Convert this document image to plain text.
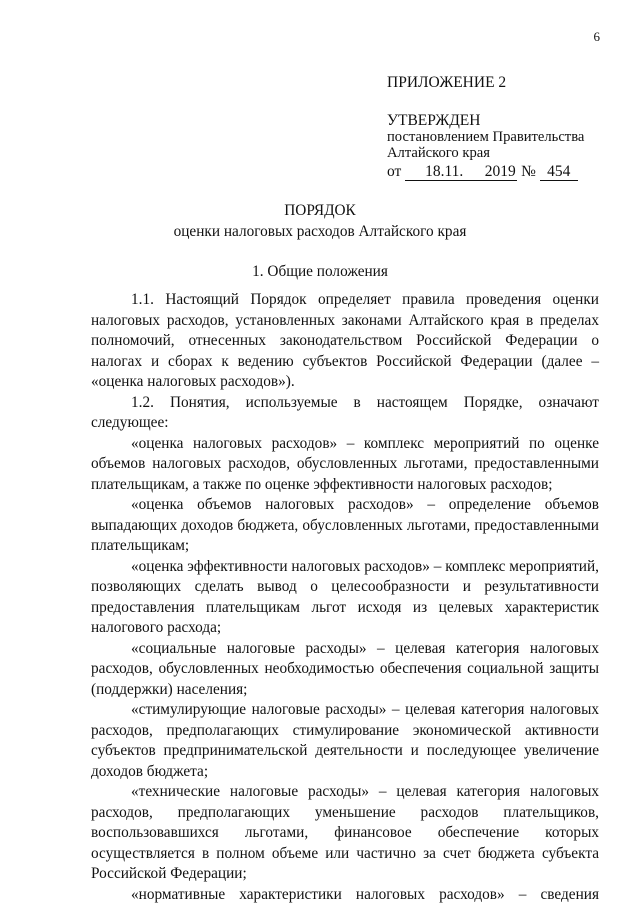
6
ПРИЛОЖЕНИЕ 2
УТВЕРЖДЕН
постановлением Правительства
Алтайского края
от 18.11. 2019 № 454
ПОРЯДОК
оценки налоговых расходов Алтайского края
1. Общие положения

1.1. Настоящий Порядок определяет правила проведения оценки налоговых расходов, установленных законами Алтайского края в пределах полномочий, отнесенных законодательством Российской Федерации о налогах и сборах к ведению субъектов Российской Федерации (далее – «оценка налоговых расходов»).

1.2. Понятия, используемые в настоящем Порядке, означают следующее:

«оценка налоговых расходов» – комплекс мероприятий по оценке объемов налоговых расходов, обусловленных льготами, предоставленными плательщикам, а также по оценке эффективности налоговых расходов;

«оценка объемов налоговых расходов» – определение объемов выпадающих доходов бюджета, обусловленных льготами, предоставленными плательщикам;

«оценка эффективности налоговых расходов» – комплекс мероприятий, позволяющих сделать вывод о целесообразности и результативности предоставления плательщикам льгот исходя из целевых характеристик налогового расхода;

«социальные налоговые расходы» – целевая категория налоговых расходов, обусловленных необходимостью обеспечения социальной защиты (поддержки) населения;

«стимулирующие налоговые расходы» – целевая категория налоговых расходов, предполагающих стимулирование экономической активности субъектов предпринимательской деятельности и последующее увеличение доходов бюджета;

«технические налоговые расходы» – целевая категория налоговых расходов, предполагающих уменьшение расходов плательщиков, воспользовавшихся льготами, финансовое обеспечение которых осуществляется в полном объеме или частично за счет бюджета субъекта Российской Федерации;

«нормативные характеристики налоговых расходов» – сведения
